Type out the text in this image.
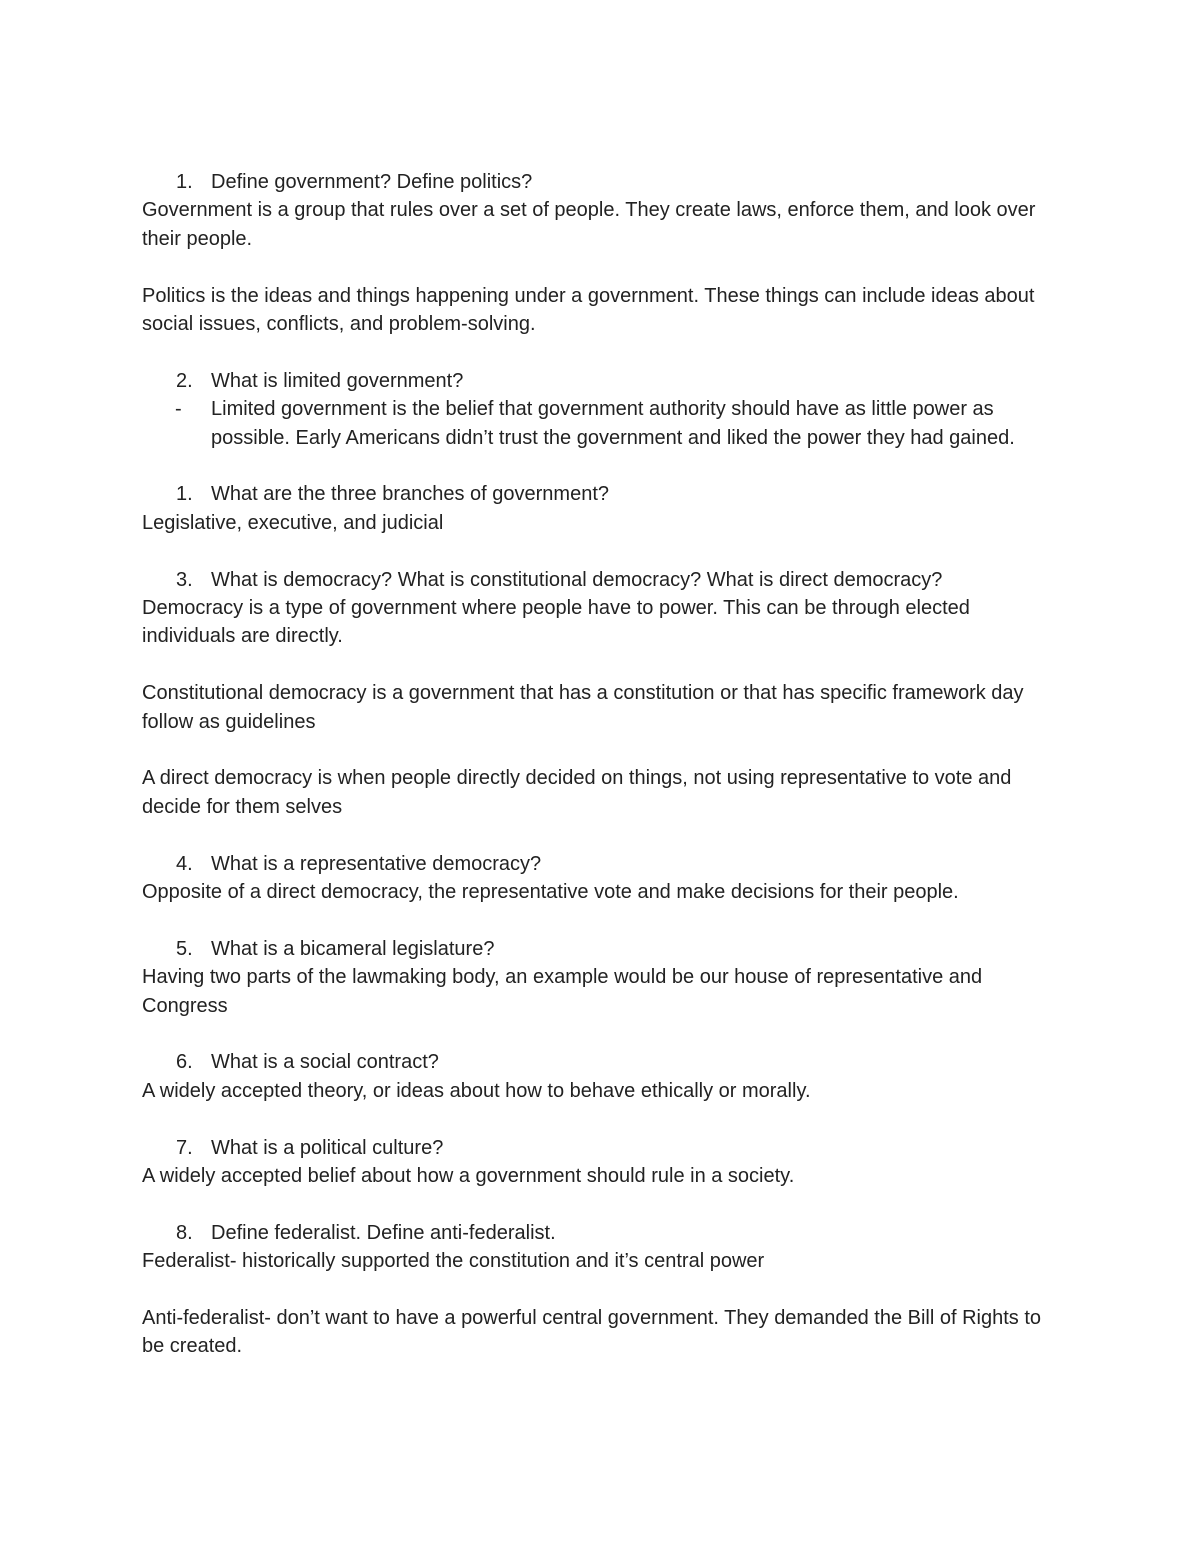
1. Define government? Define politics?

Government is a group that rules over a set of people. They create laws, enforce them, and look over their people.

Politics is the ideas and things happening under a government. These things can include ideas about social issues, conflicts, and problem-solving.

2. What is limited government?
- Limited government is the belief that government authority should have as little power as possible. Early Americans didn’t trust the government and liked the power they had gained.
1. What are the three branches of government?

Legislative, executive, and judicial

3. What is democracy? What is constitutional democracy? What is direct democracy?

Democracy is a type of government where people have to power. This can be through elected individuals are directly.

Constitutional democracy is a government that has a constitution or that has specific framework day follow as guidelines

A direct democracy is when people directly decided on things, not using representative to vote and decide for them selves

4. What is a representative democracy?

Opposite of a direct democracy, the representative vote and make decisions for their people.

5. What is a bicameral legislature?

Having two parts of the lawmaking body, an example would be our house of representative and Congress

6. What is a social contract?

A widely accepted theory, or ideas about how to behave ethically or morally.

7. What is a political culture?

A widely accepted belief about how a government should rule in a society.

8. Define federalist. Define anti-federalist.

Federalist- historically supported the constitution and it’s central power

Anti-federalist- don’t want to have a powerful central government. They demanded the Bill of Rights to be created.
